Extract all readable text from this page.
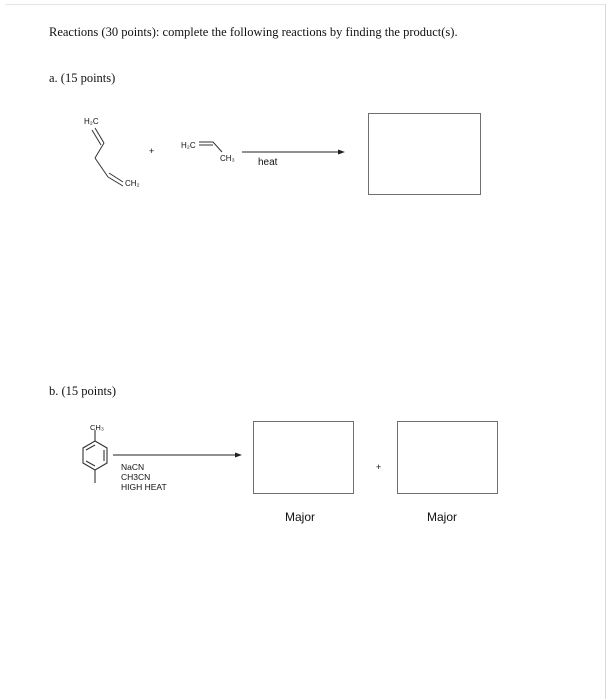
Reactions (30 points): complete the following reactions by finding the product(s).
a. (15 points)
H₂C
CH₂
+
H₂C
CH₃ heat
b. (15 points)
CH₃
+
NaCN
CH3CN
HIGH HEAT
Major	Major
